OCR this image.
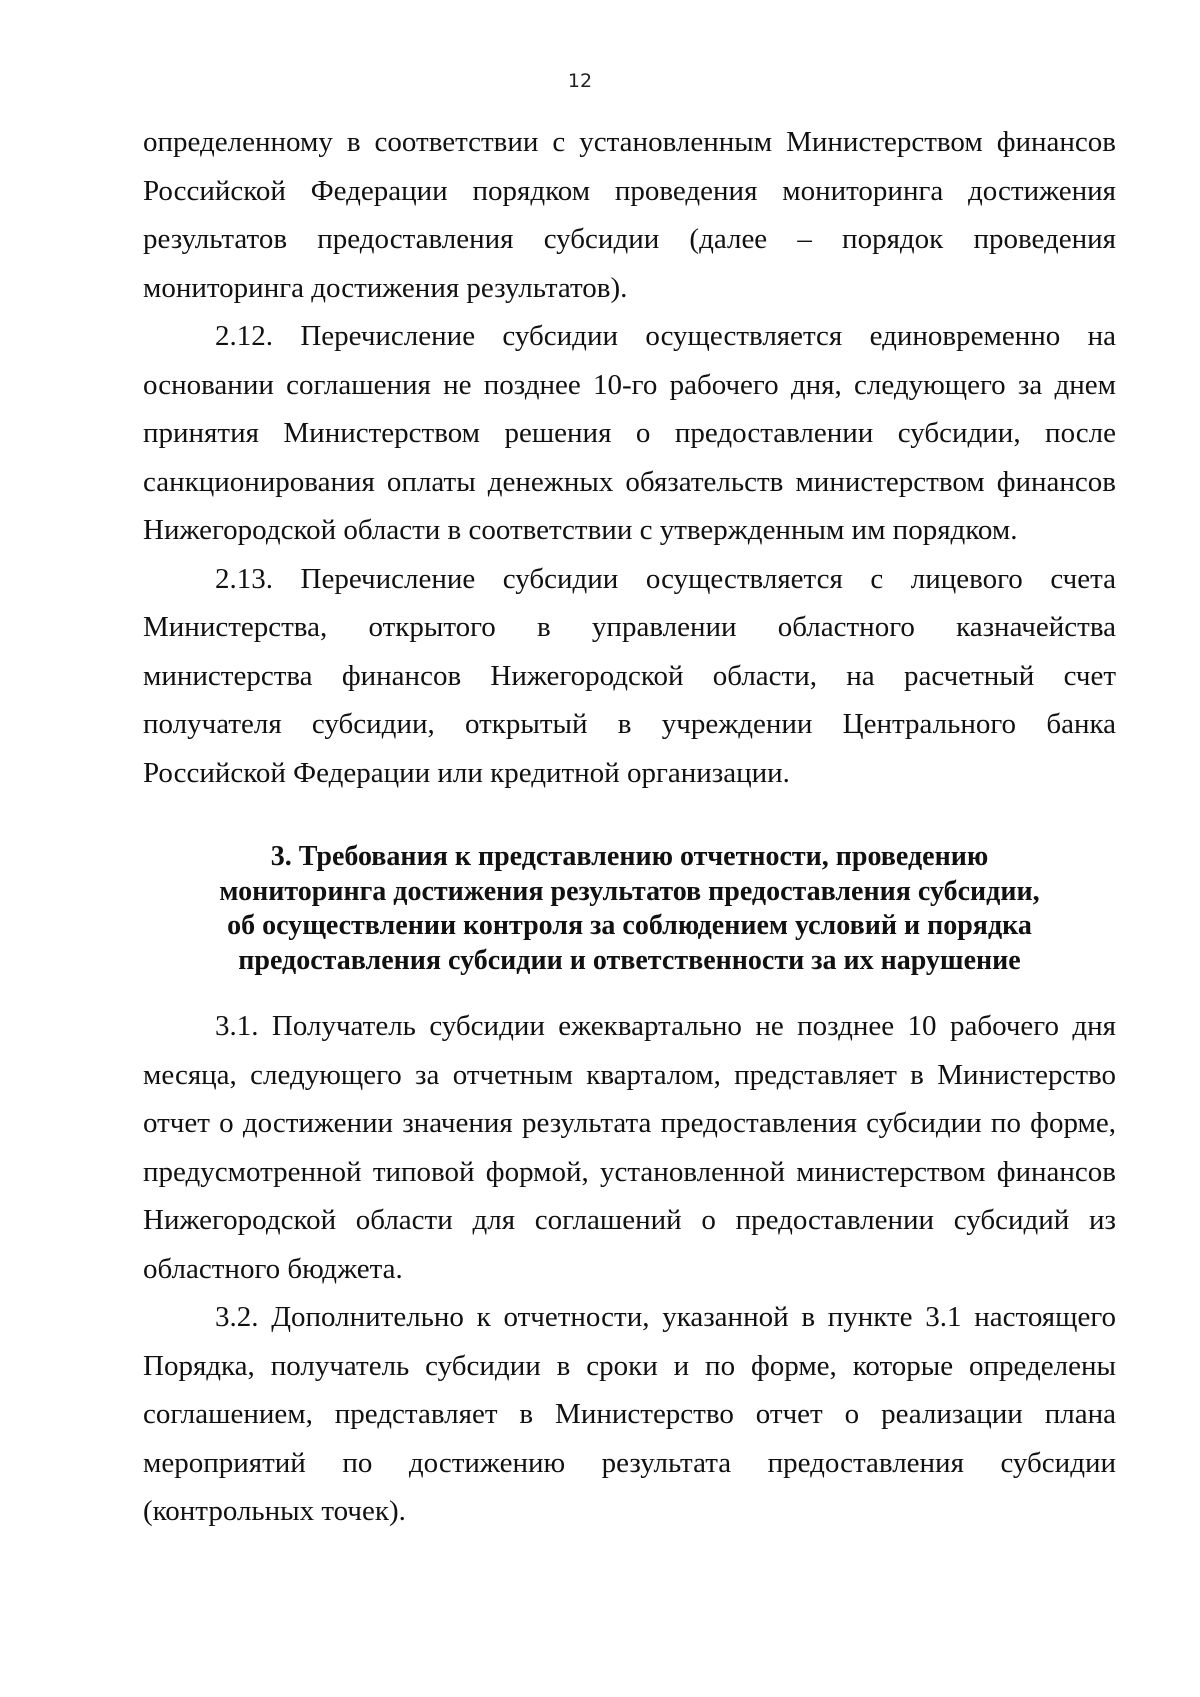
12

определенному в соответствии с установленным Министерством финансов Российской Федерации порядком проведения мониторинга достижения результатов предоставления субсидии (далее – порядок проведения мониторинга достижения результатов).

2.12. Перечисление субсидии осуществляется единовременно на основании соглашения не позднее 10-го рабочего дня, следующего за днем принятия Министерством решения о предоставлении субсидии, после санкционирования оплаты денежных обязательств министерством финансов Нижегородской области в соответствии с утвержденным им порядком.

2.13. Перечисление субсидии осуществляется с лицевого счета Министерства, открытого в управлении областного казначейства министерства финансов Нижегородской области, на расчетный счет получателя субсидии, открытый в учреждении Центрального банка Российской Федерации или кредитной организации.

3. Требования к представлению отчетности, проведению
мониторинга достижения результатов предоставления субсидии,
об осуществлении контроля за соблюдением условий и порядка
предоставления субсидии и ответственности за их нарушение

3.1. Получатель субсидии ежеквартально не позднее 10 рабочего дня месяца, следующего за отчетным кварталом, представляет в Министерство отчет о достижении значения результата предоставления субсидии по форме, предусмотренной типовой формой, установленной министерством финансов Нижегородской области для соглашений о предоставлении субсидий из областного бюджета.

3.2. Дополнительно к отчетности, указанной в пункте 3.1 настоящего Порядка, получатель субсидии в сроки и по форме, которые определены соглашением, представляет в Министерство отчет о реализации плана мероприятий по достижению результата предоставления субсидии (контрольных точек).
